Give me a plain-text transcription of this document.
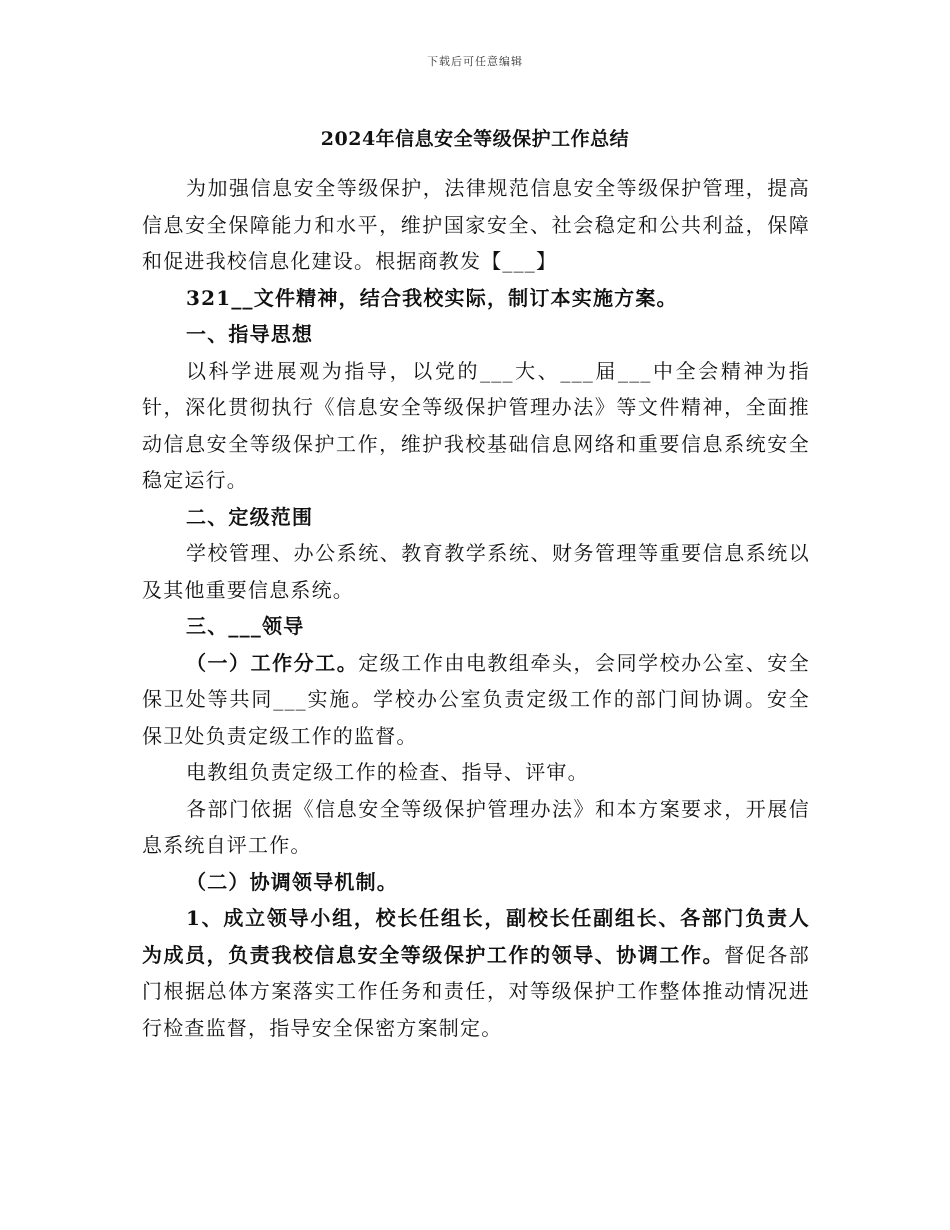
下载后可任意编辑
2024年信息安全等级保护工作总结

为加强信息安全等级保护，法律规范信息安全等级保护管理，提高信息安全保障能力和水平，维护国家安全、社会稳定和公共利益，保障和促进我校信息化建设。根据商教发【___】

321__文件精神，结合我校实际，制订本实施方案。

一、指导思想

以科学进展观为指导，以党的___大、___届___中全会精神为指针，深化贯彻执行《信息安全等级保护管理办法》等文件精神，全面推动信息安全等级保护工作，维护我校基础信息网络和重要信息系统安全稳定运行。

二、定级范围

学校管理、办公系统、教育教学系统、财务管理等重要信息系统以及其他重要信息系统。

三、___领导

（一）工作分工。定级工作由电教组牵头，会同学校办公室、安全保卫处等共同___实施。学校办公室负责定级工作的部门间协调。安全保卫处负责定级工作的监督。

电教组负责定级工作的检查、指导、评审。

各部门依据《信息安全等级保护管理办法》和本方案要求，开展信息系统自评工作。

（二）协调领导机制。

1、成立领导小组，校长任组长，副校长任副组长、各部门负责人为成员，负责我校信息安全等级保护工作的领导、协调工作。督促各部门根据总体方案落实工作任务和责任，对等级保护工作整体推动情况进行检查监督，指导安全保密方案制定。
